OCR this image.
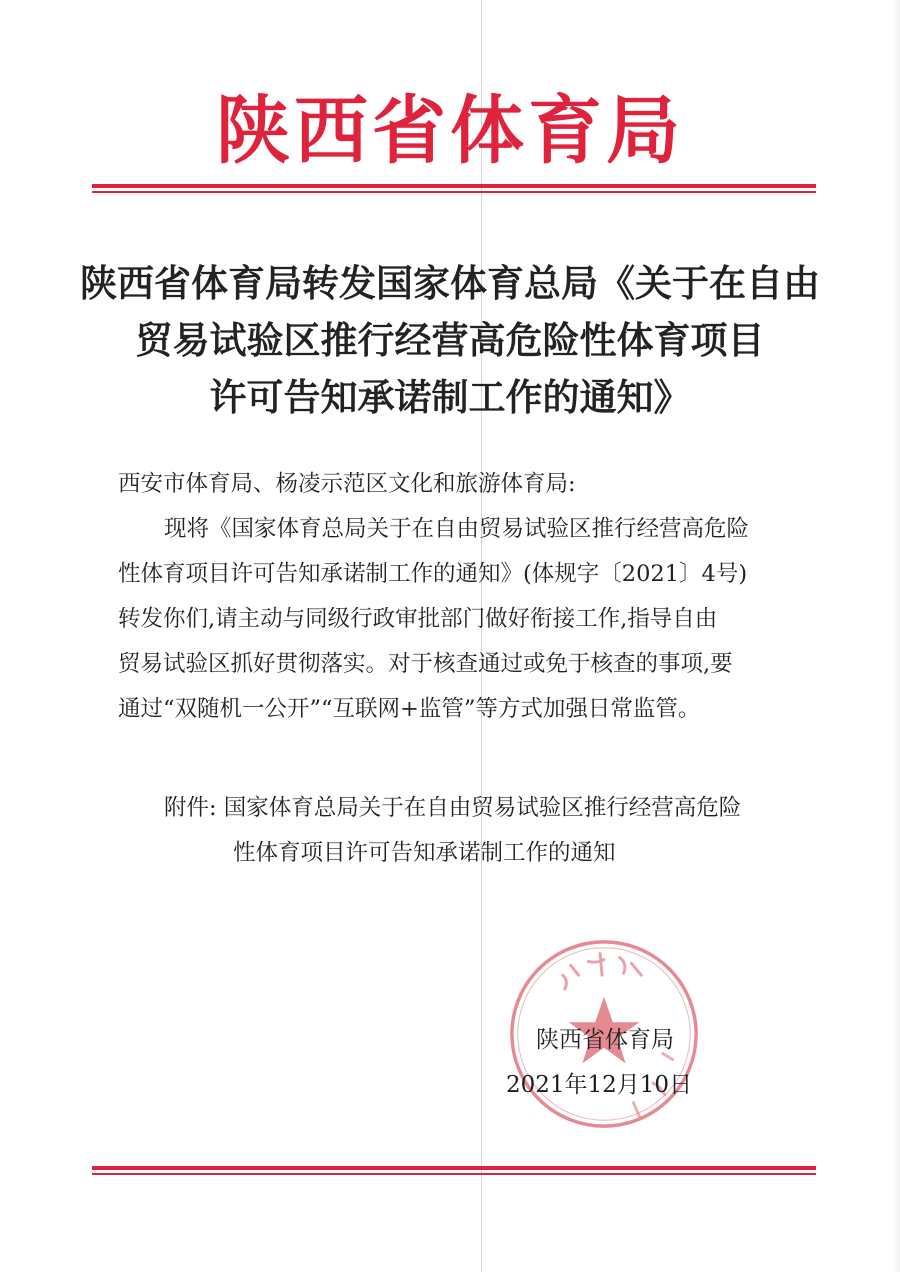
陕西省体育局
陕西省体育局转发国家体育总局《关于在自由
贸易试验区推行经营高危险性体育项目
许可告知承诺制工作的通知》
西安市体育局、杨凌示范区文化和旅游体育局:
现将《国家体育总局关于在自由贸易试验区推行经营高危险
性体育项目许可告知承诺制工作的通知》(体规字〔2021〕4号)
转发你们,请主动与同级行政审批部门做好衔接工作,指导自由
贸易试验区抓好贯彻落实。对于核查通过或免于核查的事项,要
通过“双随机一公开”“互联网+监管”等方式加强日常监管。
附件: 国家体育总局关于在自由贸易试验区推行经营高危险
性体育项目许可告知承诺制工作的通知
陕西省体育局
2021年12月10日
